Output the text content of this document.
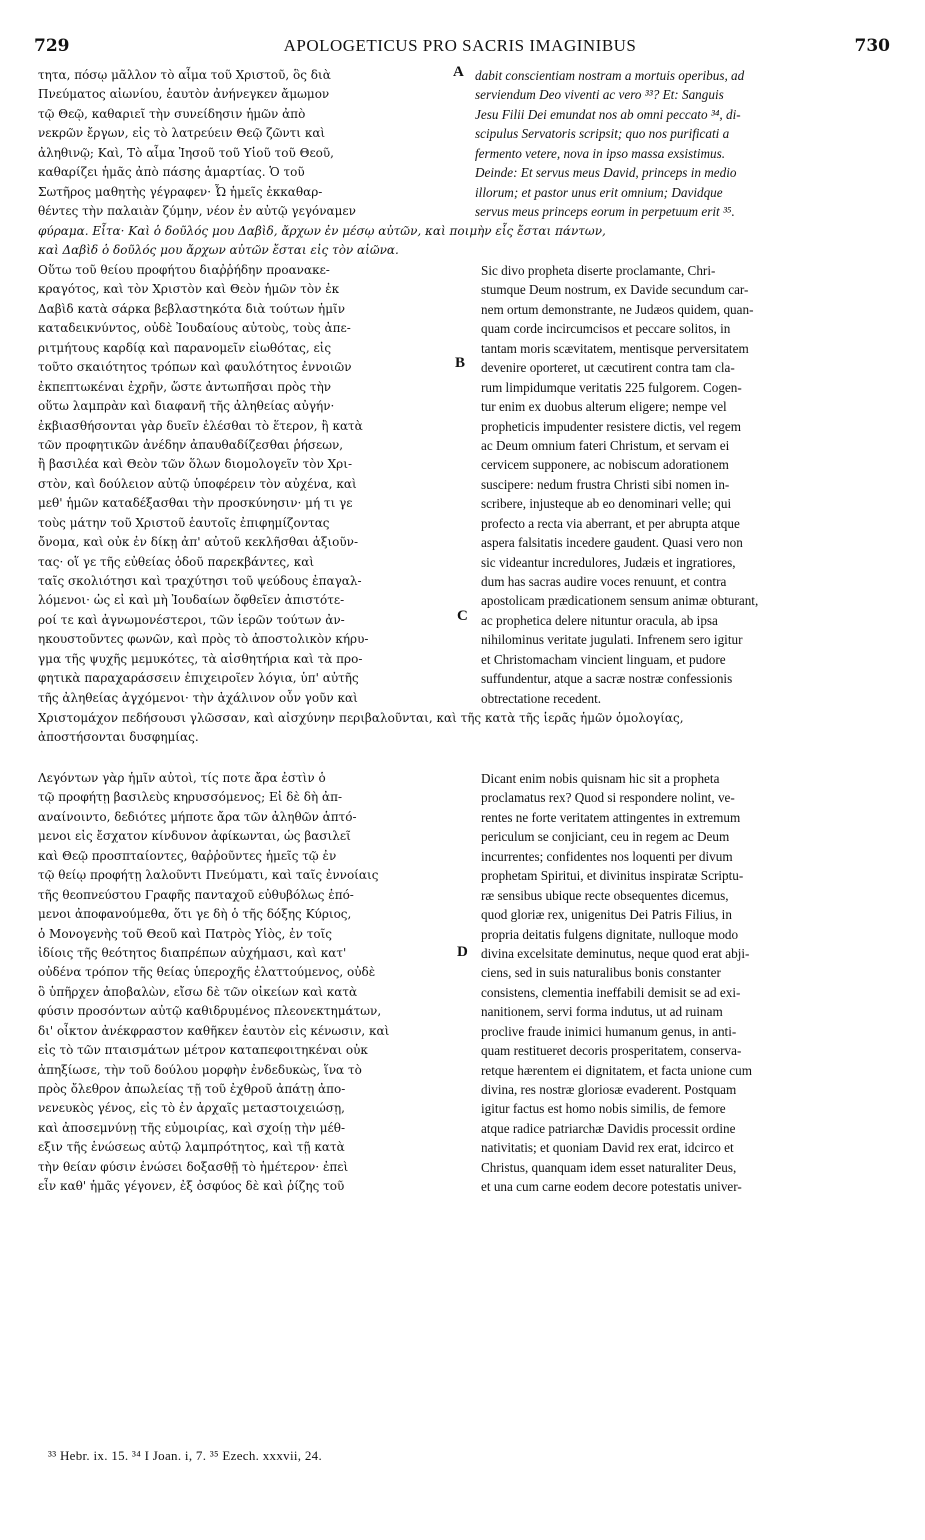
729	APOLOGETICUS PRO SACRIS IMAGINIBUS	730
τητα, πόσῳ μᾶλλον τὸ αἷμα τοῦ Χριστοῦ, ὃς διὰ
Πνεύματος αἰωνίου, ἑαυτὸν ἀνήνεγκεν ἄμωμον
τῷ Θεῷ, καθαριεῖ τὴν συνείδησιν ἡμῶν ἀπὸ
νεκρῶν ἔργων, εἰς τὸ λατρεύειν Θεῷ ζῶντι καὶ
ἀληθινῷ; Καὶ, Τὸ αἷμα Ἰησοῦ τοῦ Υἱοῦ τοῦ Θεοῦ,
καθαρίζει ἡμᾶς ἀπὸ πάσης ἁμαρτίας. Ὁ τοῦ
Σωτῆρος μαθητὴς γέγραφεν· Ὦ ἡμεῖς ἐκκαθαρ-
θέντες τὴν παλαιὰν ζύμην, νέον ἐν αὐτῷ γεγόναμεν
dabit conscientiam nostram a mortuis operibus, ad
serviendum Deo viventi ac vero ³³? Et: Sanguis
Jesu Filii Dei emundat nos ab omni peccato ³⁴, di-
scipulus Servatoris scripsit; quo nos purificati a
fermento vetere, nova in ipso massa exsistimus.
Deinde: Et servus meus David, princeps in medio
illorum; et pastor unus erit omnium; Davidque
servus meus princeps eorum in perpetuum erit ³⁵.
φύραμα. Εἶτα· Καὶ ὁ δοῦλός μου Δαβὶδ, ἄρχων ἐν μέσῳ αὐτῶν, καὶ ποιμὴν εἷς ἔσται πάντων,
καὶ Δαβὶδ ὁ δοῦλός μου ἄρχων αὐτῶν ἔσται εἰς τὸν αἰῶνα.
A
Οὕτω τοῦ θείου προφήτου διαῤῥήδην προανακε-
κραγότος, καὶ τὸν Χριστὸν καὶ Θεὸν ἡμῶν τὸν ἐκ
Δαβὶδ κατὰ σάρκα βεβλαστηκότα διὰ τούτων ἡμῖν
καταδεικνύντος, οὐδὲ Ἰουδαίους αὐτοὺς, τοὺς ἀπε-
ριτμήτους καρδίᾳ καὶ παρανομεῖν εἰωθότας, εἰς
τοῦτο σκαιότητος τρόπων καὶ φαυλότητος ἐννοιῶν
ἐκπεπτωκέναι ἐχρῆν, ὥστε ἀντωπῆσαι πρὸς τὴν
οὕτω λαμπρὰν καὶ διαφανῆ τῆς ἀληθείας αὐγήν·
ἐκβιασθήσονται γὰρ δυεῖν ἑλέσθαι τὸ ἕτερον, ἢ κατὰ
τῶν προφητικῶν ἀνέδην ἀπαυθαδίζεσθαι ῥήσεων,
ἢ βασιλέα καὶ Θεὸν τῶν ὅλων διομολογεῖν τὸν Χρι-
στὸν, καὶ δούλειον αὐτῷ ὑποφέρειν τὸν αὐχένα, καὶ
μεθ' ἡμῶν καταδέξασθαι τὴν προσκύνησιν· μή τι γε
τοὺς μάτην τοῦ Χριστοῦ ἑαυτοῖς ἐπιφημίζοντας
ὄνομα, καὶ οὐκ ἐν δίκῃ ἀπ' αὐτοῦ κεκλῆσθαι ἀξιοῦν-
τας· οἵ γε τῆς εὐθείας ὁδοῦ παρεκβάντες, καὶ
ταῖς σκολιότησι καὶ τραχύτησι τοῦ ψεύδους ἐπαγαλ-
λόμενοι· ὡς εἰ καὶ μὴ Ἰουδαίων ὄφθεῖεν ἀπιστότε-
ροί τε καὶ ἀγνωμονέστεροι, τῶν ἱερῶν τούτων ἀν-
ηκουστοῦντες φωνῶν, καὶ πρὸς τὸ ἀποστολικὸν κήρυ-
γμα τῆς ψυχῆς μεμυκότες, τὰ αἰσθητήρια καὶ τὰ προ-
φητικὰ παραχαράσσειν ἐπιχειροῖεν λόγια, ὑπ' αὐτῆς
τῆς ἀληθείας ἀγχόμενοι· τὴν ἀχάλινον οὖν γοῦν καὶ
Sic divo propheta diserte proclamante, Chri-
stumque Deum nostrum, ex Davide secundum car-
nem ortum demonstrante, ne Judæos quidem, quan-
quam corde incircumcisos et peccare solitos, in
tantam moris scævitatem, mentisque perversitatem
devenire oporteret, ut cæcutirent contra tam cla-
rum limpidumque veritatis 225 fulgorem. Cogen-
tur enim ex duobus alterum eligere; nempe vel
propheticis impudenter resistere dictis, vel regem
ac Deum omnium fateri Christum, et servam ei
cervicem supponere, ac nobiscum adorationem
suscipere: nedum frustra Christi sibi nomen in-
scribere, injusteque ab eo denominari velle; qui
profecto a recta via aberrant, et per abrupta atque
aspera falsitatis incedere gaudent. Quasi vero non
sic videantur incredulores, Judæis et ingratiores,
dum has sacras audire voces renuunt, et contra
apostolicam prædicationem sensum animæ obturant,
ac prophetica delere nituntur oracula, ab ipsa
nihilominus veritate jugulati. Infrenem sero igitur
et Christomacham vincient linguam, et pudore
suffundentur, atque a sacræ nostræ confessionis
obtrectatione recedent.
Χριστομάχον πεδήσουσι γλῶσσαν, καὶ αἰσχύνην περιβαλοῦνται, καὶ τῆς κατὰ τῆς ἱερᾶς ἡμῶν ὁμολογίας,
ἀποστήσονται δυσφημίας.
B
C
Λεγόντων γὰρ ἡμῖν αὐτοὶ, τίς ποτε ἄρα ἐστὶν ὁ
τῷ προφήτῃ βασιλεὺς κηρυσσόμενος; Εἰ δὲ δὴ ἀπ-
αναίνοιντο, δεδιότες μήποτε ἄρα τῶν ἀληθῶν ἁπτό-
μενοι εἰς ἔσχατον κίνδυνον ἀφίκωνται, ὡς βασιλεῖ
καὶ Θεῷ προσπταίοντες, θαῤῥοῦντες ἡμεῖς τῷ ἐν
τῷ θείῳ προφήτῃ λαλοῦντι Πνεύματι, καὶ ταῖς ἐννοίαις
τῆς θεοπνεύστου Γραφῆς πανταχοῦ εὐθυβόλως ἑπό-
μενοι ἀποφανούμεθα, ὅτι γε δὴ ὁ τῆς δόξης Κύριος,
ὁ Μονογενὴς τοῦ Θεοῦ καὶ Πατρὸς Υἱὸς, ἐν τοῖς
ἰδίοις τῆς θεότητος διαπρέπων αὐχήμασι, καὶ κατ'
οὐδένα τρόπον τῆς θείας ὑπεροχῆς ἐλαττούμενος, οὐδὲ
ὃ ὑπῆρχεν ἀποβαλὼν, εἴσω δὲ τῶν οἰκείων καὶ κατὰ
φύσιν προσόντων αὐτῷ καθιδρυμένος πλεονεκτημάτων,
δι' οἶκτον ἀνέκφραστον καθῆκεν ἑαυτὸν εἰς κένωσιν, καὶ
εἰς τὸ τῶν πταισμάτων μέτρον καταπεφοιτηκέναι οὐκ
ἀπηξίωσε, τὴν τοῦ δούλου μορφὴν ἐνδεδυκὼς, ἵνα τὸ
πρὸς ὄλεθρον ἀπωλείας τῇ τοῦ ἐχθροῦ ἀπάτῃ ἀπο-
νενευκὸς γένος, εἰς τὸ ἐν ἀρχαῖς μεταστοιχειώσῃ,
καὶ ἀποσεμνύνῃ τῆς εὐμοιρίας, καὶ σχοίῃ τὴν μέθ-
εξιν τῆς ἑνώσεως αὐτῷ λαμπρότητος, καὶ τῇ κατὰ
τὴν θείαν φύσιν ἑνώσει δοξασθῇ τὸ ἡμέτερον· ἐπεὶ
εἶν καθ' ἡμᾶς γέγονεν, ἐξ ὀσφύος δὲ καὶ ῥίζης τοῦ
Dicant enim nobis quisnam hic sit a propheta
proclamatus rex? Quod si respondere nolint, ve-
rentes ne forte veritatem attingentes in extremum
periculum se conjiciant, ceu in regem ac Deum
incurrentes; confidentes nos loquenti per divum
prophetam Spiritui, et divinitus inspiratæ Scriptu-
ræ sensibus ubique recte obsequentes dicemus,
quod gloriæ rex, unigenitus Dei Patris Filius, in
propria deitatis fulgens dignitate, nulloque modo
divina excelsitate deminutus, neque quod erat abji-
ciens, sed in suis naturalibus bonis constanter
consistens, clementia ineffabili demisit se ad exi-
nanitionem, servi forma indutus, ut ad ruinam
proclive fraude inimici humanum genus, in anti-
quam restitueret decoris prosperitatem, conserva-
retque hærentem ei dignitatem, et facta unione cum
divina, res nostræ gloriosæ evaderent. Postquam
igitur factus est homo nobis similis, de femore
atque radice patriarchæ Davidis processit ordine
nativitatis; et quoniam David rex erat, idcirco et
Christus, quanquam idem esset naturaliter Deus,
et una cum carne eodem decore potestatis univer-
D
³³ Hebr. ix. 15. ³⁴ I Joan. i, 7. ³⁵ Ezech. xxxvii, 24.
